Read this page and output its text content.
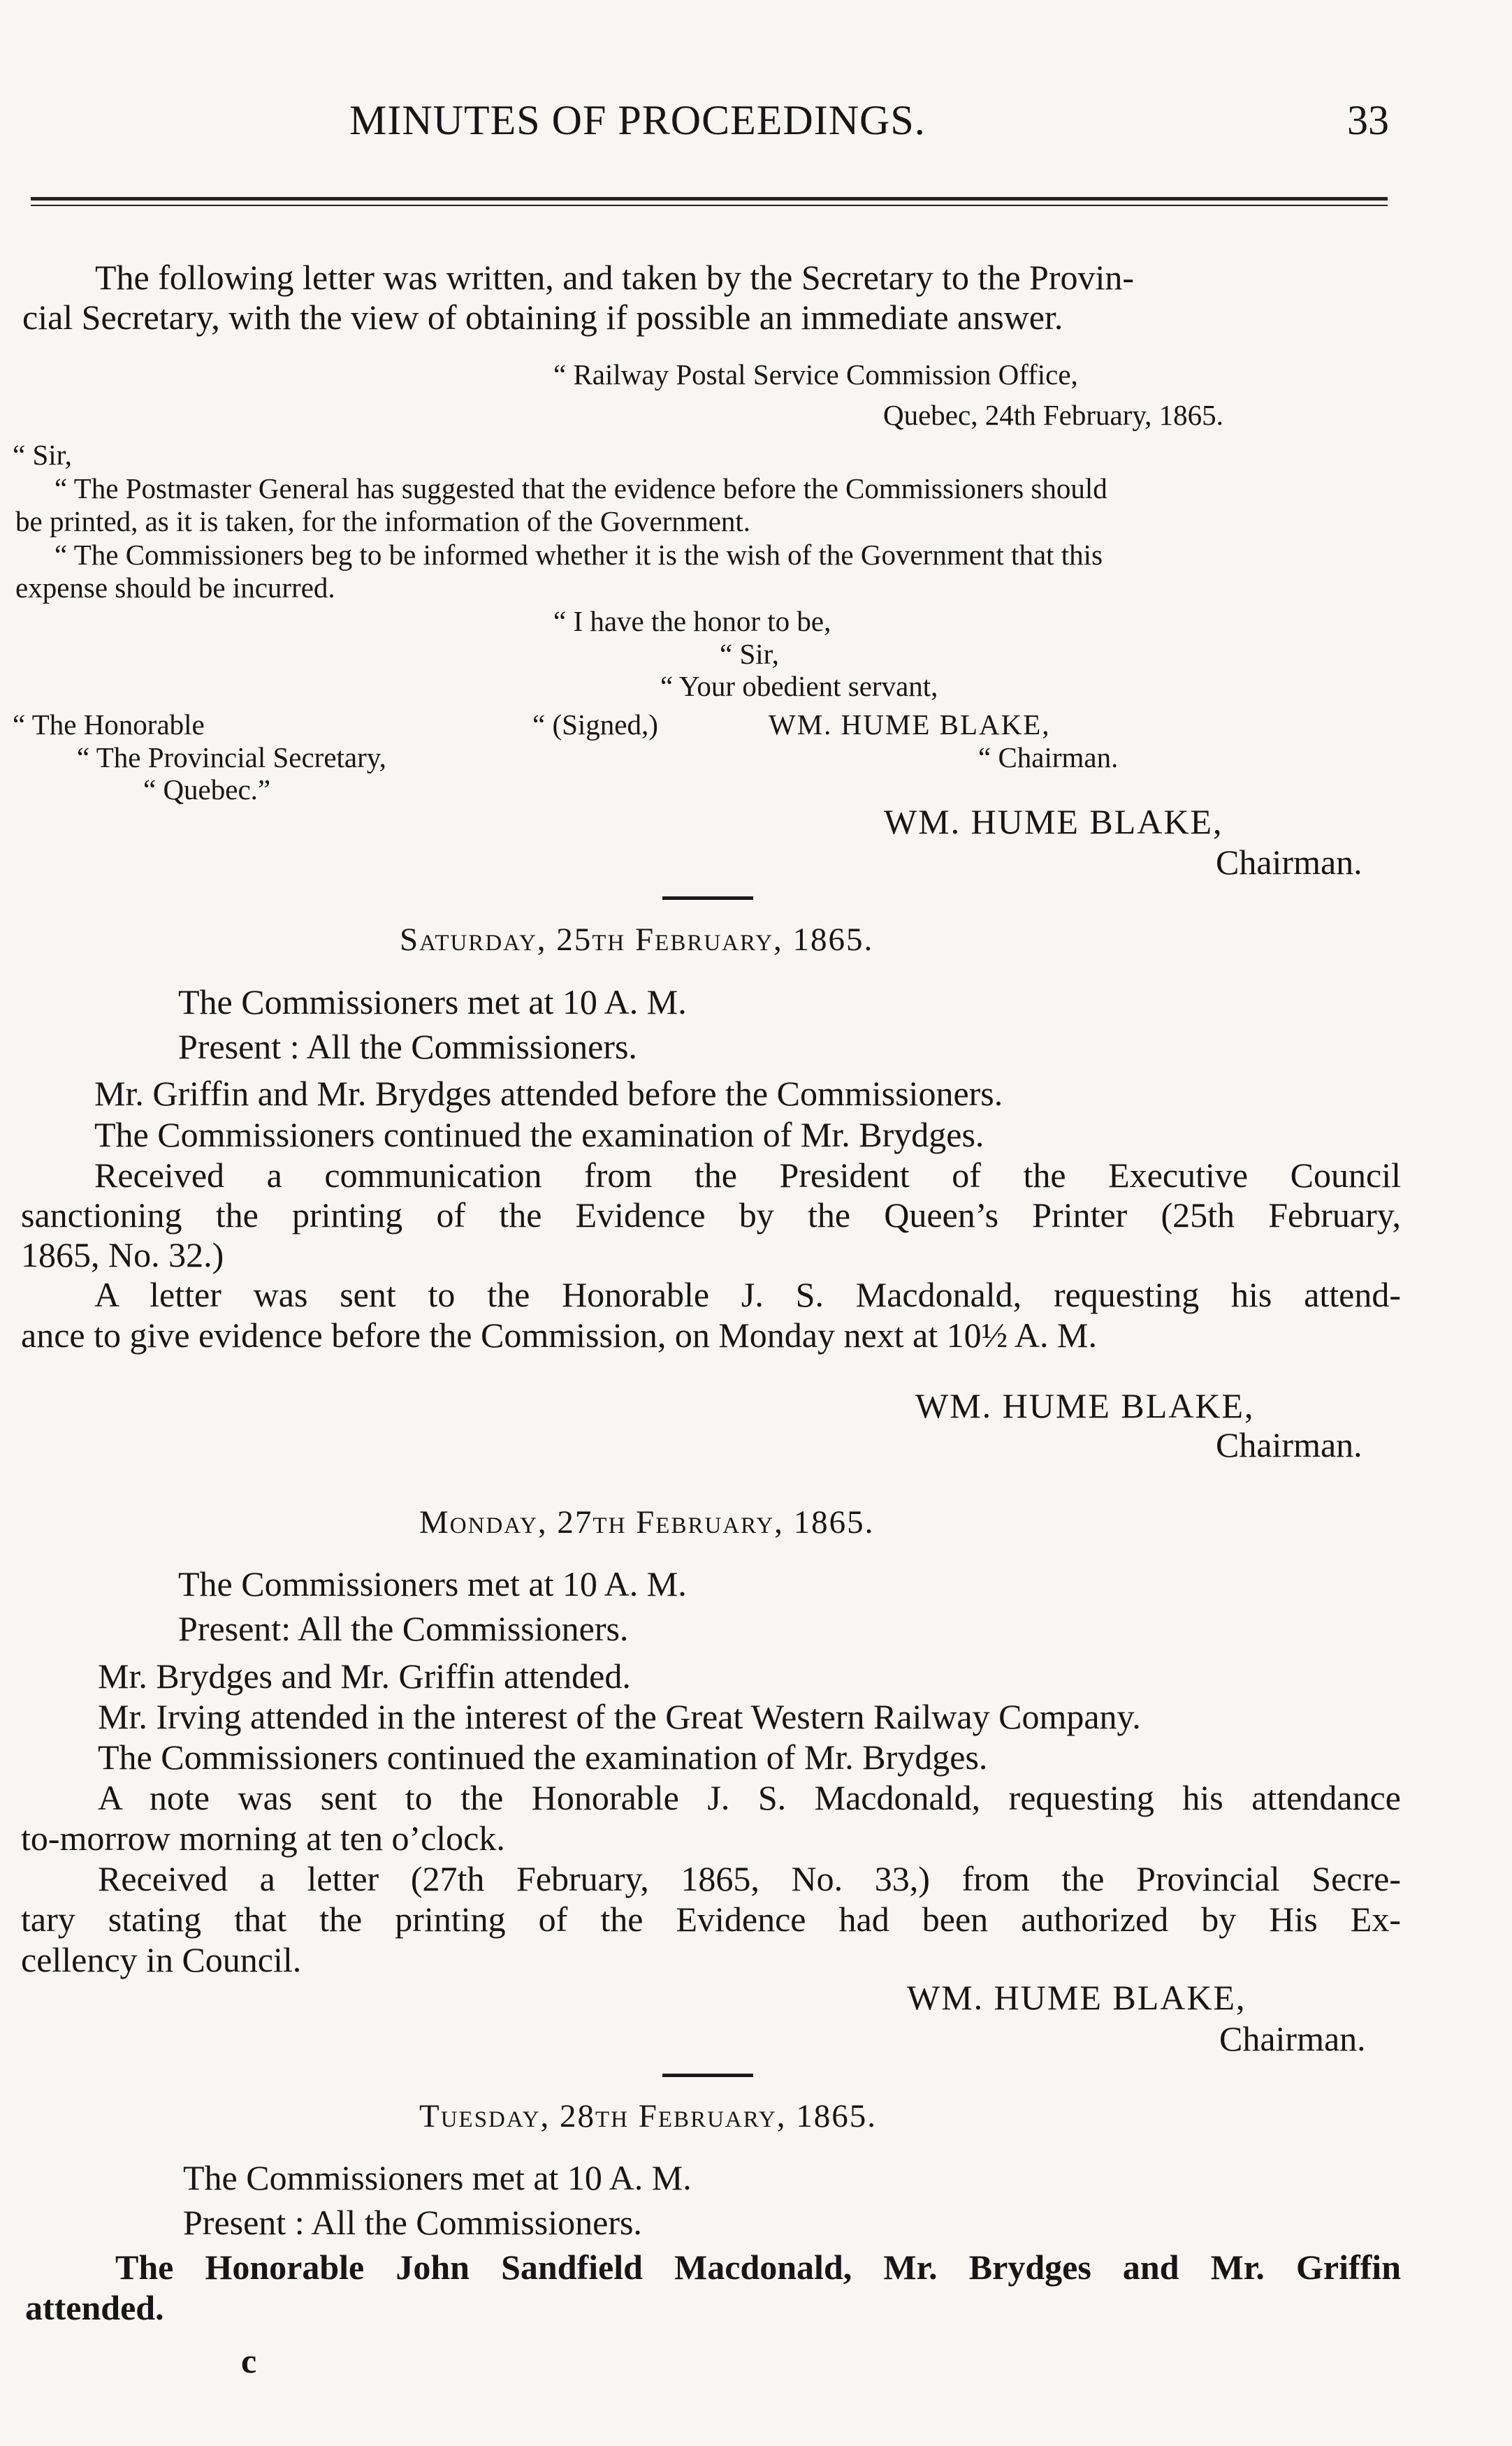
MINUTES OF PROCEEDINGS.	33
The following letter was written, and taken by the Secretary to the Provin-
cial Secretary, with the view of obtaining if possible an immediate answer.
“ Railway Postal Service Commission Office,
Quebec, 24th February, 1865.
“ Sir,
“ The Postmaster General has suggested that the evidence before the Commissioners should
be printed, as it is taken, for the information of the Government.
“ The Commissioners beg to be informed whether it is the wish of the Government that this
expense should be incurred.
“ I have the honor to be,
“ Sir,
“ Your obedient servant,
“ The Honorable
“ The Provincial Secretary,
“ Quebec.”
“ (Signed,)	WM. HUME BLAKE,
“ Chairman.
WM. HUME BLAKE,
Chairman.
Saturday, 25th February, 1865.
The Commissioners met at 10 A. M.
Present : All the Commissioners.
Mr. Griffin and Mr. Brydges attended before the Commissioners.
The Commissioners continued the examination of Mr. Brydges.
Received a communication from the President of the Executive Council
sanctioning the printing of the Evidence by the Queen’s Printer (25th February,
1865, No. 32.)
A letter was sent to the Honorable J. S. Macdonald, requesting his attend-
ance to give evidence before the Commission, on Monday next at 10½ A. M.
WM. HUME BLAKE,
Chairman.
Monday, 27th February, 1865.
The Commissioners met at 10 A. M.
Present: All the Commissioners.
Mr. Brydges and Mr. Griffin attended.
Mr. Irving attended in the interest of the Great Western Railway Company.
The Commissioners continued the examination of Mr. Brydges.
A note was sent to the Honorable J. S. Macdonald, requesting his attendance
to-morrow morning at ten o’clock.
Received a letter (27th February, 1865, No. 33,) from the Provincial Secre-
tary stating that the printing of the Evidence had been authorized by His Ex-
cellency in Council.
WM. HUME BLAKE,
Chairman.
Tuesday, 28th February, 1865.
The Commissioners met at 10 A. M.
Present : All the Commissioners.
The Honorable John Sandfield Macdonald, Mr. Brydges and Mr. Griffin
attended.
c
